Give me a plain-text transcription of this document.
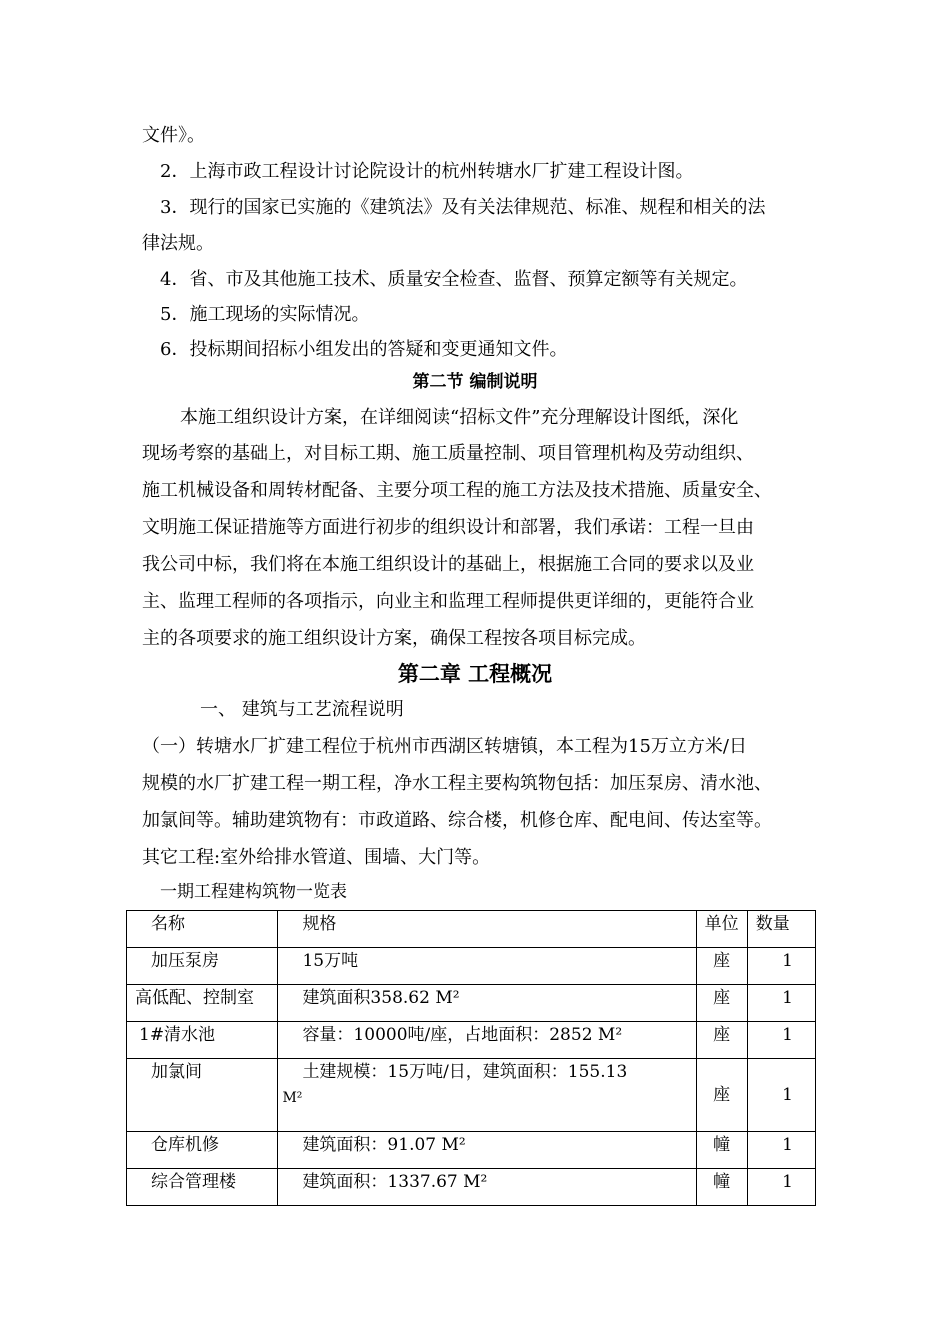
文件》。
2．上海市政工程设计讨论院设计的杭州转塘水厂扩建工程设计图。
3．现行的国家已实施的《建筑法》及有关法律规范、标准、规程和相关的法
律法规。
4．省、市及其他施工技术、质量安全检查、监督、预算定额等有关规定。
5．施工现场的实际情况。
6．投标期间招标小组发出的答疑和变更通知文件。
第二节 编制说明
本施工组织设计方案，在详细阅读“招标文件”充分理解设计图纸，深化
现场考察的基础上，对目标工期、施工质量控制、项目管理机构及劳动组织、
施工机械设备和周转材配备、主要分项工程的施工方法及技术措施、质量安全、
文明施工保证措施等方面进行初步的组织设计和部署，我们承诺：工程一旦由
我公司中标，我们将在本施工组织设计的基础上，根据施工合同的要求以及业
主、监理工程师的各项指示，向业主和监理工程师提供更详细的，更能符合业
主的各项要求的施工组织设计方案，确保工程按各项目标完成。
第二章 工程概况
一、 建筑与工艺流程说明
（一）转塘水厂扩建工程位于杭州市西湖区转塘镇，本工程为15万立方米/日
规模的水厂扩建工程一期工程，净水工程主要构筑物包括：加压泵房、清水池、
加氯间等。辅助建筑物有：市政道路、综合楼，机修仓库、配电间、传达室等。
其它工程:室外给排水管道、围墙、大门等。
一期工程建构筑物一览表
名称	规格	单位	数量
加压泵房	15万吨	座	1
高低配、控制室	建筑面积358.62 M²	座	1
1#清水池	容量：10000吨/座，占地面积：2852 M²	座	1
加氯间	土建规模：15万吨/日，建筑面积：155.13
M²	座	1
仓库机修	建筑面积：91.07 M²	幢	1
综合管理楼	建筑面积：1337.67 M²	幢	1
